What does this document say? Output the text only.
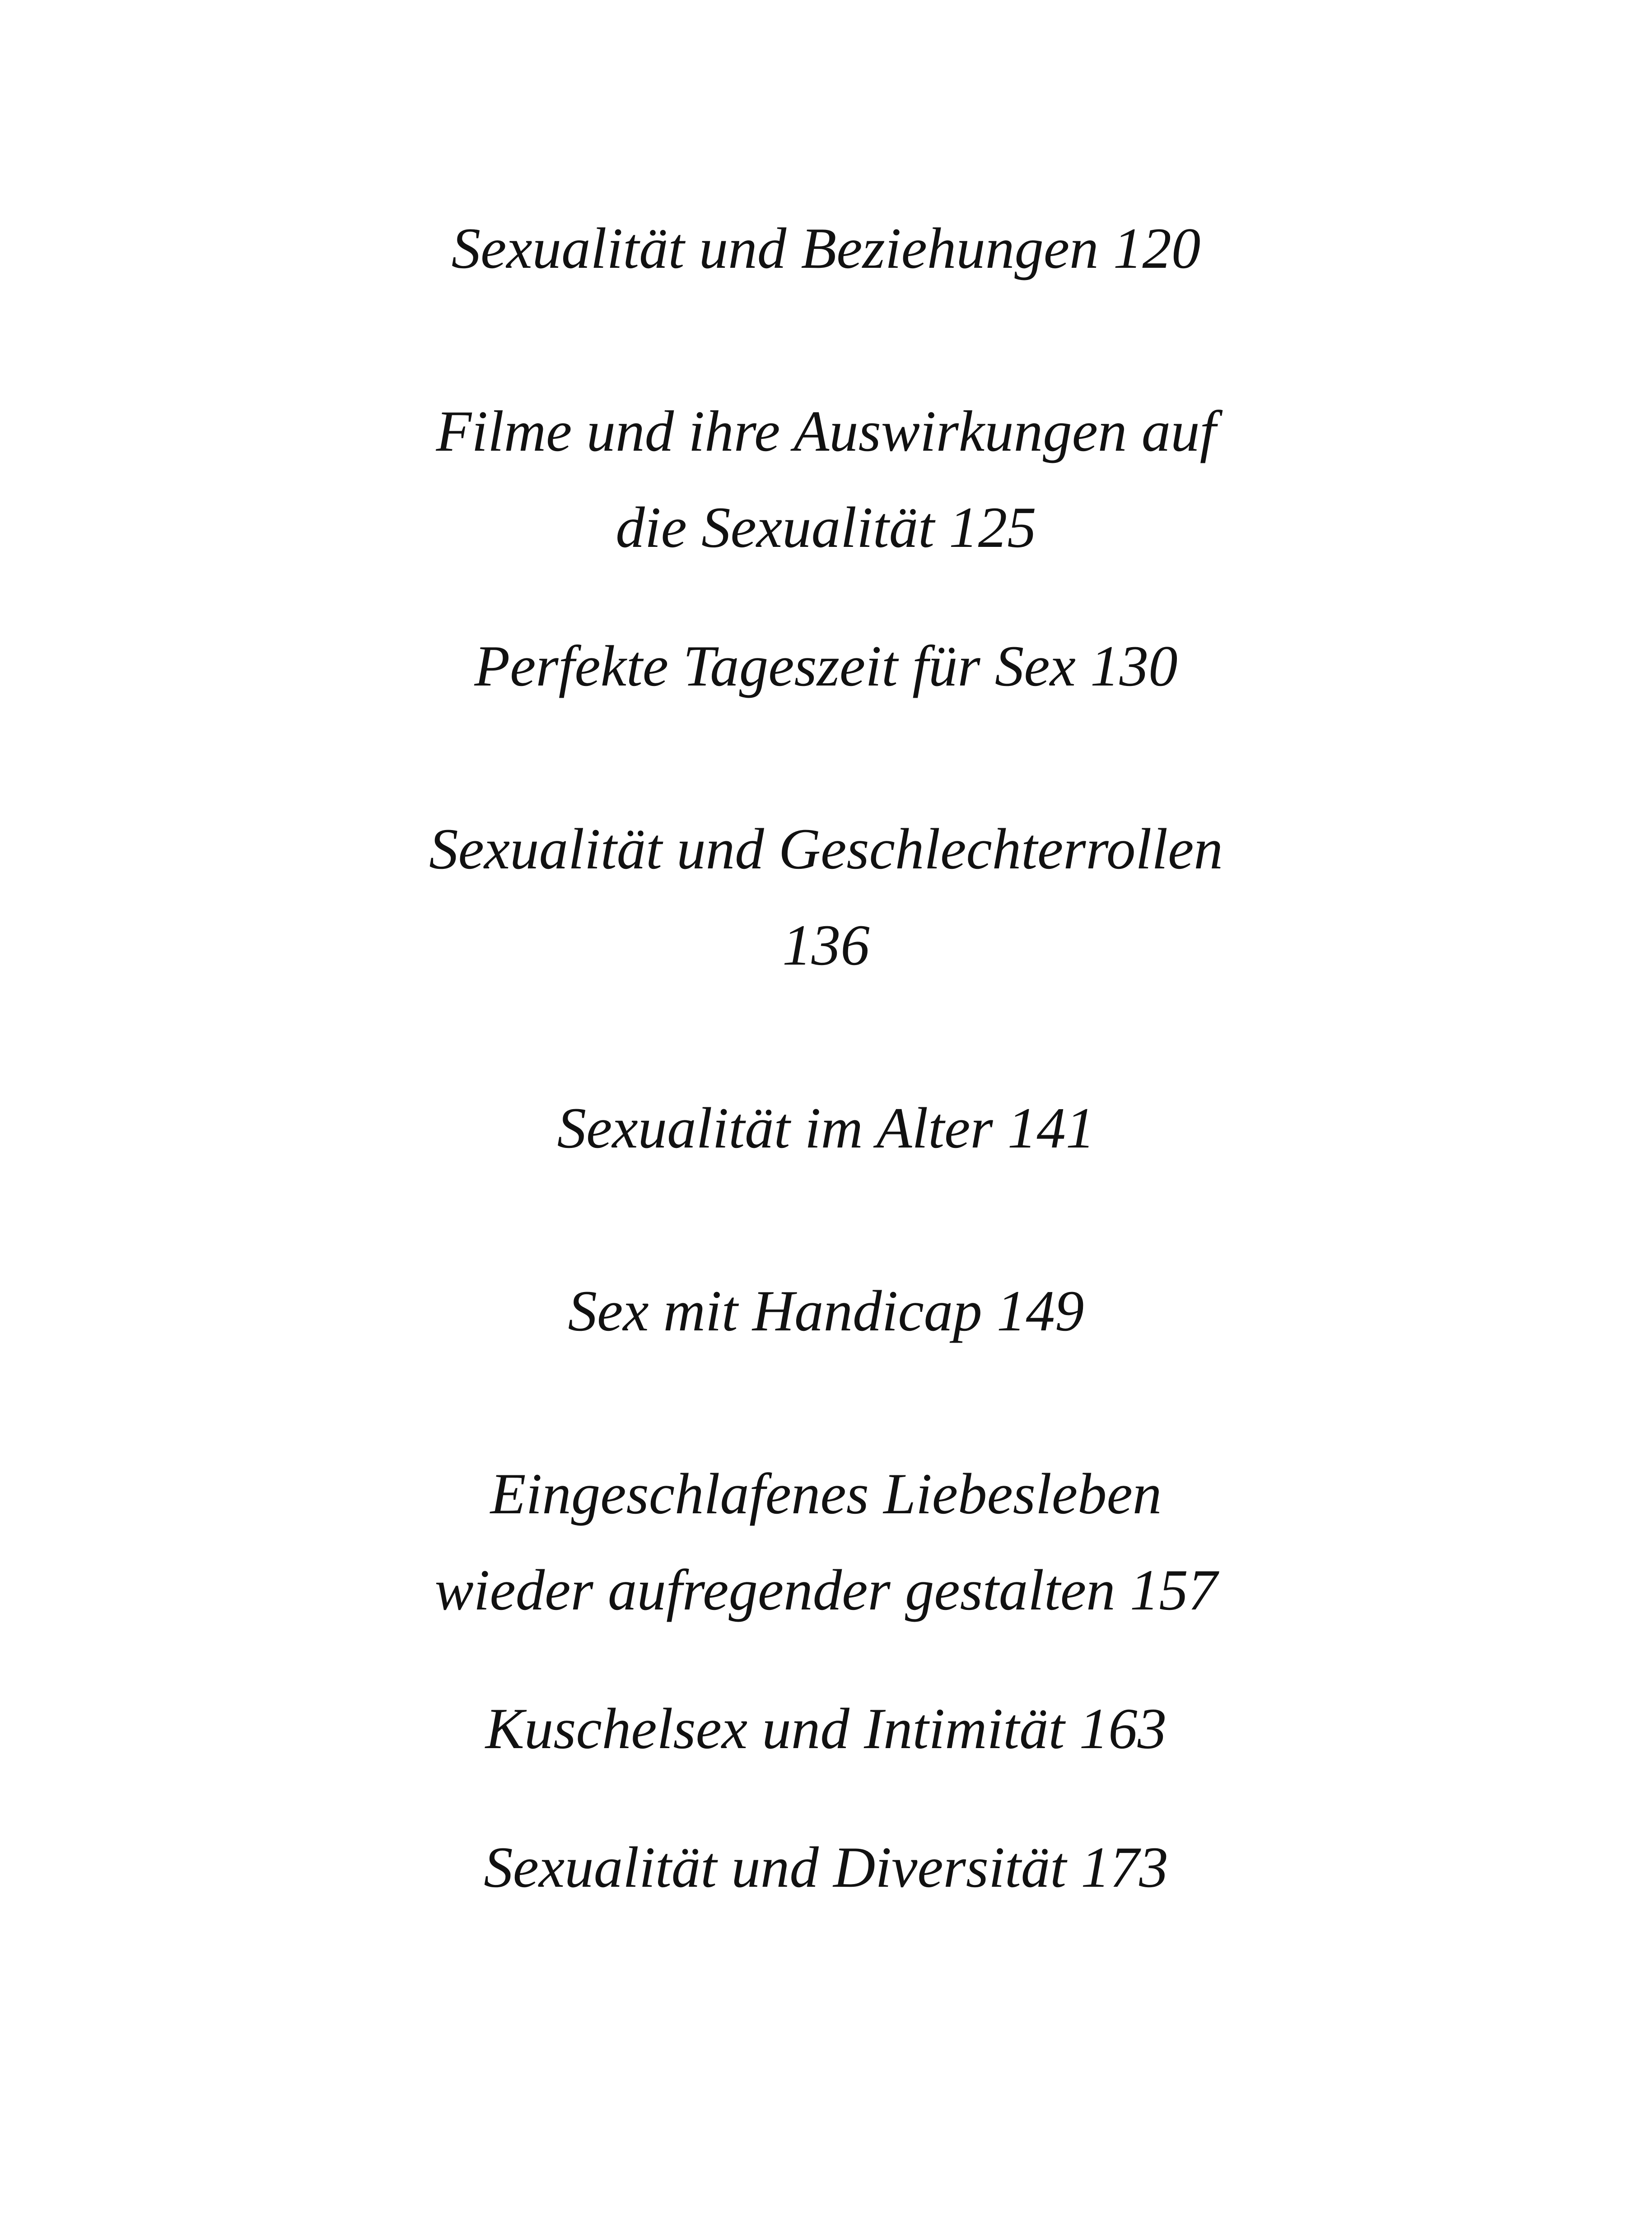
Sexualität und Beziehungen 120
Filme und ihre Auswirkungen auf
die Sexualität 125
Perfekte Tageszeit für Sex 130
Sexualität und Geschlechterrollen
136
Sexualität im Alter 141
Sex mit Handicap 149
Eingeschlafenes Liebesleben
wieder aufregender gestalten 157
Kuschelsex und Intimität 163
Sexualität und Diversität 173
